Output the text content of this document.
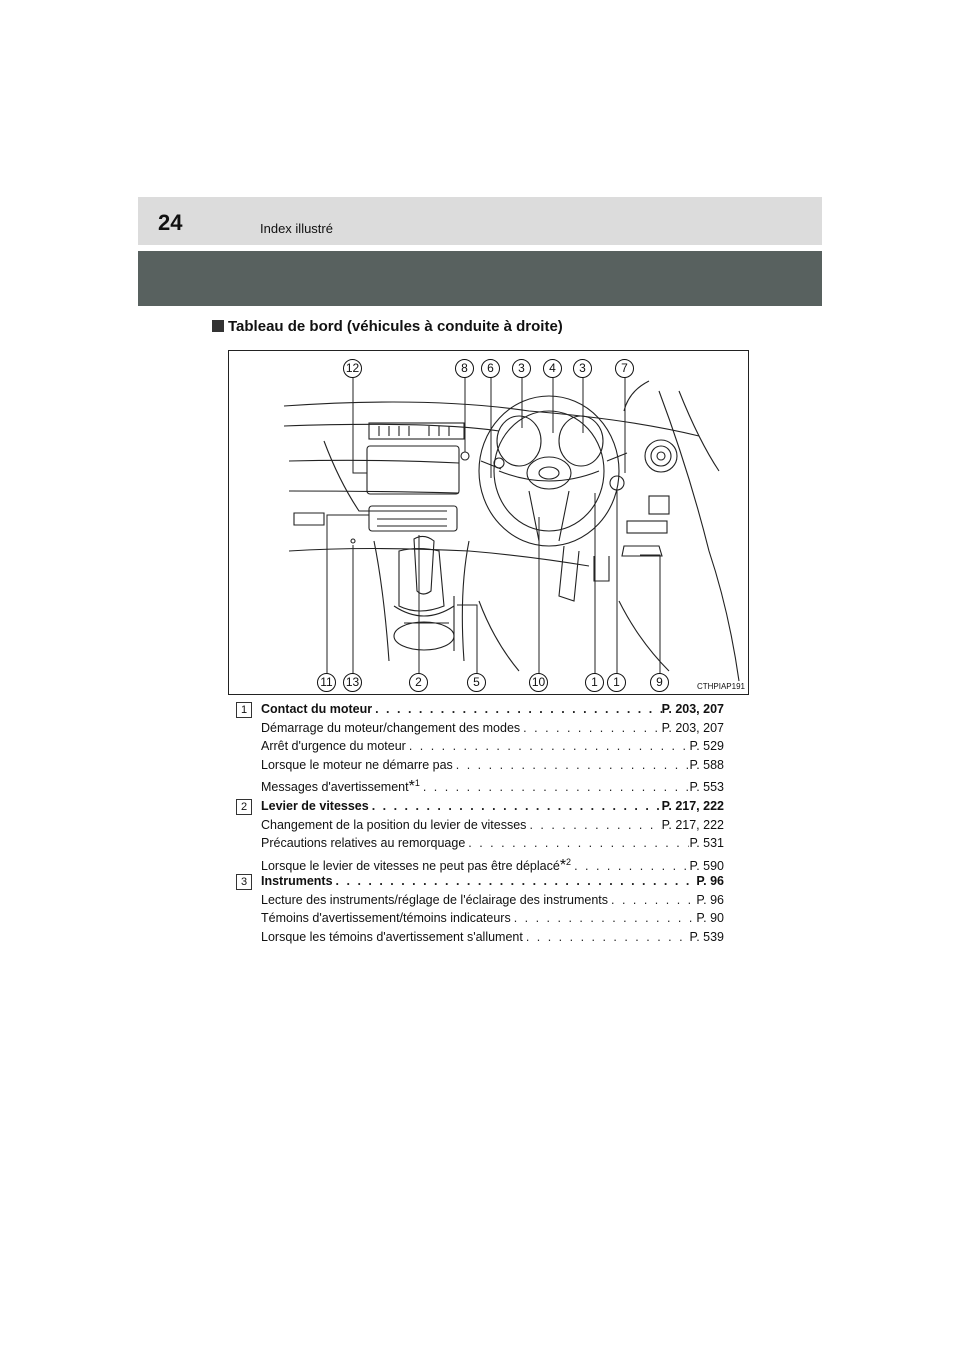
24	Index illustré
Tableau de bord (véhicules à conduite à droite)
12	8	6	3	4	3	7
11 13	2	5	10	1	1	9	CTHPIAP191
1	Contact du moteur . . .	P. 203, 207
Démarrage du moteur/changement des modes . . .	P. 203, 207
Arrêt d'urgence du moteur . . .	P. 529
Lorsque le moteur ne démarre pas . . .	P. 588
Messages d'avertissement*$^1$ . . .	P. 553
2	Levier de vitesses . . .	P. 217, 222
Changement de la position du levier de vitesses . . .	P. 217, 222
Précautions relatives au remorquage . . .	P. 531
Lorsque le levier de vitesses ne peut pas être déplacé*$^2$ . . .	P. 590
3	Instruments . . .	P. 96
Lecture des instruments/réglage de l'éclairage des instruments . . .	P. 96
Témoins d'avertissement/témoins indicateurs . . .	P. 90
Lorsque les témoins d'avertissement s'allument . . .	P. 539
